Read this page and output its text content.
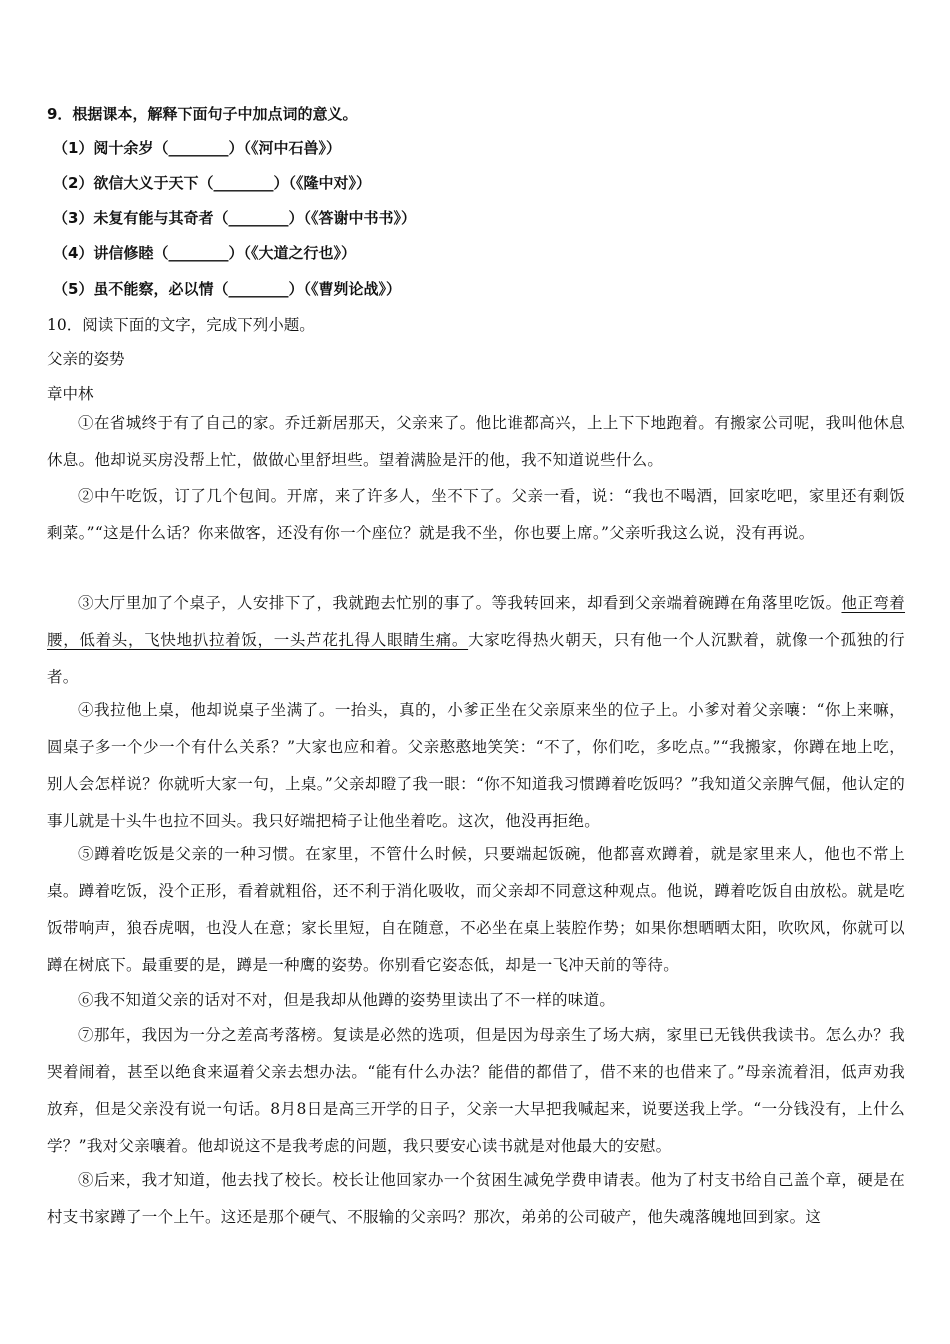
9．根据课本，解释下面句子中加点词的意义。
（1）阅十余岁（________）（《河中石兽》）
（2）欲信大义于天下（________）（《隆中对》）
（3）未复有能与其奇者（________）（《答谢中书书》）
（4）讲信修睦（________）（《大道之行也》）
（5）虽不能察，必以情（________）（《曹刿论战》）
10．阅读下面的文字，完成下列小题。
父亲的姿势
章中林
①在省城终于有了自己的家。乔迁新居那天，父亲来了。他比谁都高兴，上上下下地跑着。有搬家公司呢，我叫他休息休息。他却说买房没帮上忙，做做心里舒坦些。望着满脸是汗的他，我不知道说些什么。
②中午吃饭，订了几个包间。开席，来了许多人，坐不下了。父亲一看，说：“我也不喝酒，回家吃吧，家里还有剩饭剩菜。”“这是什么话？你来做客，还没有你一个座位？就是我不坐，你也要上席。”父亲听我这么说，没有再说。
③大厅里加了个桌子，人安排下了，我就跑去忙别的事了。等我转回来，却看到父亲端着碗蹲在角落里吃饭。他正弯着腰，低着头，飞快地扒拉着饭，一头芦花扎得人眼睛生痛。大家吃得热火朝天，只有他一个人沉默着，就像一个孤独的行者。
④我拉他上桌，他却说桌子坐满了。一抬头，真的，小爹正坐在父亲原来坐的位子上。小爹对着父亲嚷：“你上来嘛，圆桌子多一个少一个有什么关系？”大家也应和着。父亲憨憨地笑笑：“不了，你们吃，多吃点。”“我搬家，你蹲在地上吃，别人会怎样说？你就听大家一句，上桌。”父亲却瞪了我一眼：“你不知道我习惯蹲着吃饭吗？”我知道父亲脾气倔，他认定的事儿就是十头牛也拉不回头。我只好端把椅子让他坐着吃。这次，他没再拒绝。
⑤蹲着吃饭是父亲的一种习惯。在家里，不管什么时候，只要端起饭碗，他都喜欢蹲着，就是家里来人，他也不常上桌。蹲着吃饭，没个正形，看着就粗俗，还不利于消化吸收，而父亲却不同意这种观点。他说，蹲着吃饭自由放松。就是吃饭带响声，狼吞虎咽，也没人在意；家长里短，自在随意，不必坐在桌上装腔作势；如果你想晒晒太阳，吹吹风，你就可以蹲在树底下。最重要的是，蹲是一种鹰的姿势。你别看它姿态低，却是一飞冲天前的等待。
⑥我不知道父亲的话对不对，但是我却从他蹲的姿势里读出了不一样的味道。
⑦那年，我因为一分之差高考落榜。复读是必然的选项，但是因为母亲生了场大病，家里已无钱供我读书。怎么办？我哭着闹着，甚至以绝食来逼着父亲去想办法。“能有什么办法？能借的都借了，借不来的也借来了。”母亲流着泪，低声劝我放弃，但是父亲没有说一句话。8月8日是高三开学的日子，父亲一大早把我喊起来，说要送我上学。“一分钱没有，上什么学？”我对父亲嚷着。他却说这不是我考虑的问题，我只要安心读书就是对他最大的安慰。
⑧后来，我才知道，他去找了校长。校长让他回家办一个贫困生减免学费申请表。他为了村支书给自己盖个章，硬是在村支书家蹲了一个上午。这还是那个硬气、不服输的父亲吗？那次，弟弟的公司破产，他失魂落魄地回到家。这
